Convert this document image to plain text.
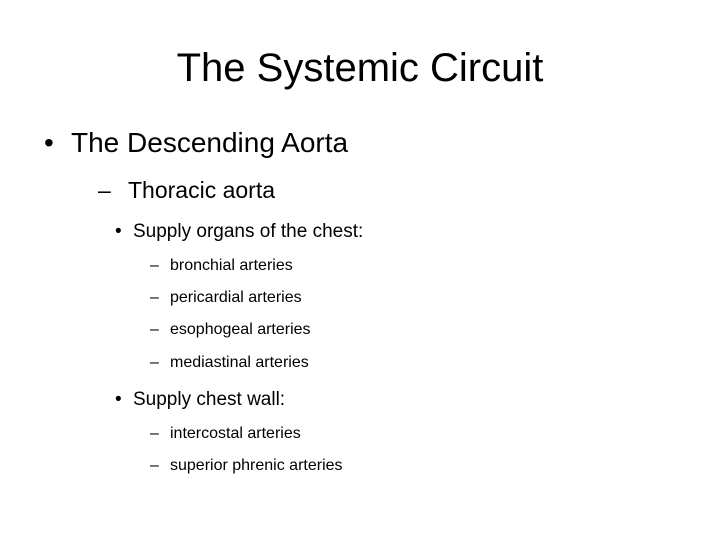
The Systemic Circuit
• The Descending Aorta
– Thoracic aorta
• Supply organs of the chest:
– bronchial arteries
– pericardial arteries
– esophogeal arteries
– mediastinal arteries
• Supply chest wall:
– intercostal arteries
– superior phrenic arteries
